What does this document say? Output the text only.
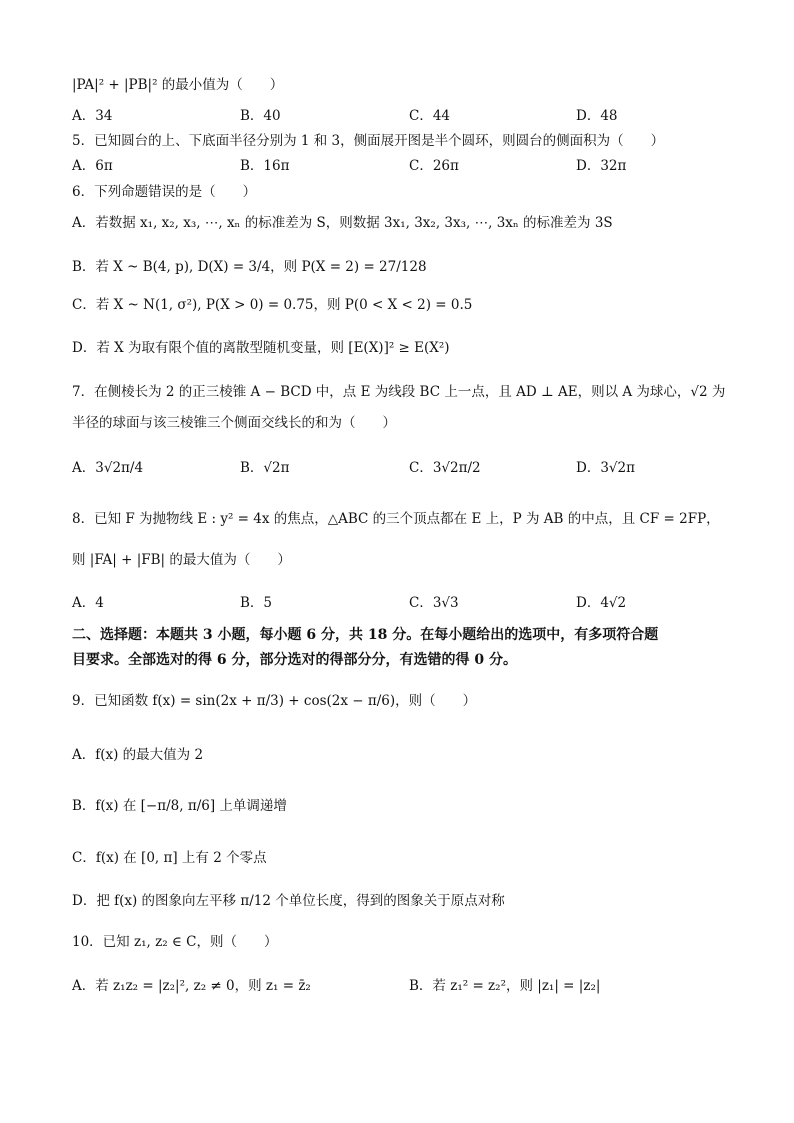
|PA|² + |PB|² 的最小值为（　　）
A．34	B．40	C．44	D．48
5．已知圆台的上、下底面半径分别为 1 和 3，侧面展开图是半个圆环，则圆台的侧面积为（　　）
A．6π	B．16π	C．26π	D．32π
6．下列命题错误的是（　　）
A．若数据 x₁, x₂, x₃, ⋯, xₙ 的标准差为 S，则数据 3x₁, 3x₂, 3x₃, ⋯, 3xₙ 的标准差为 3S
B．若 X ~ B(4, p), D(X) = 3/4，则 P(X = 2) = 27/128
C．若 X ~ N(1, σ²), P(X > 0) = 0.75，则 P(0 < X < 2) = 0.5
D．若 X 为取有限个值的离散型随机变量，则 [E(X)]² ≥ E(X²)
7．在侧棱长为 2 的正三棱锥 A − BCD 中，点 E 为线段 BC 上一点，且 AD ⊥ AE，则以 A 为球心，√2 为
半径的球面与该三棱锥三个侧面交线长的和为（　　）
A．3√2π/4	B．√2π	C．3√2π/2	D．3√2π
8．已知 F 为抛物线 E : y² = 4x 的焦点，△ABC 的三个顶点都在 E 上，P 为 AB 的中点，且 CF = 2FP，
则 |FA| + |FB| 的最大值为（　　）
A．4	B．5	C．3√3	D．4√2
二、选择题：本题共 3 小题，每小题 6 分，共 18 分。在每小题给出的选项中，有多项符合题
目要求。全部选对的得 6 分，部分选对的得部分分，有选错的得 0 分。
9．已知函数 f(x) = sin(2x + π/3) + cos(2x − π/6)，则（　　）
A．f(x) 的最大值为 2
B．f(x) 在 [−π/8, π/6] 上单调递增
C．f(x) 在 [0, π] 上有 2 个零点
D．把 f(x) 的图象向左平移 π/12 个单位长度，得到的图象关于原点对称
10．已知 z₁, z₂ ∈ C，则（　　）
A．若 z₁z₂ = |z₂|², z₂ ≠ 0，则 z₁ = z̄₂	B．若 z₁² = z₂²，则 |z₁| = |z₂|
